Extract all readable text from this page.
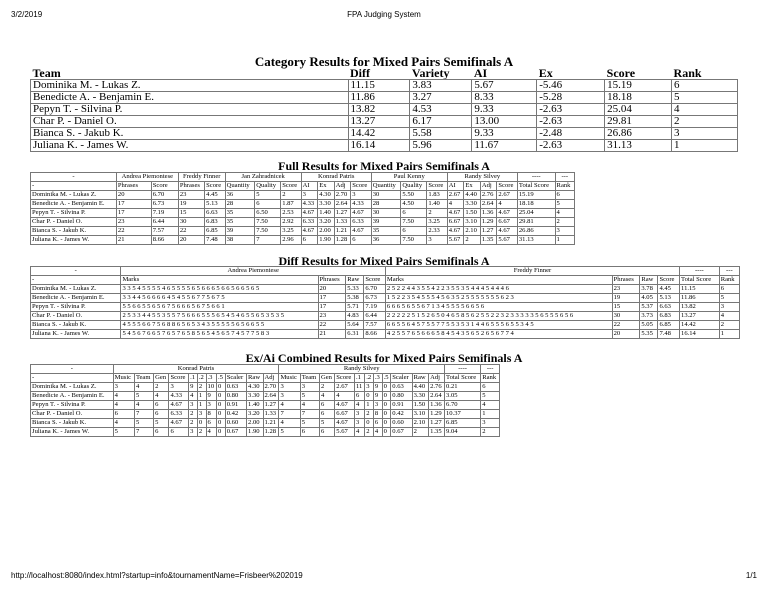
3/2/2019	FPA Judging System
Category Results for Mixed Pairs Semifinals A
Team	Diff	Variety	AI	Ex	Score	Rank
Dominika M. - Lukas Z.	11.15	3.83	5.67	-5.46	15.19	6
Benedicte A. - Benjamin E.	11.86	3.27	8.33	-5.28	18.18	5
Pepyn T. - Silvina P.	13.82	4.53	9.33	-2.63	25.04	4
Char P. - Daniel O.	13.27	6.17	13.00	-2.63	29.81	2
Bianca S. - Jakub K.	14.42	5.58	9.33	-2.48	26.86	3
Juliana K. - James W.	16.14	5.96	11.67	-2.63	31.13	1
Full Results for Mixed Pairs Semifinals A
-	Andrea Piemontese		Freddy Finner		Jan Zahradnicek			Konrad Patris				Paul Kenny			Randy Silvey				----	---
-	Phrases	Score	Phrases	Score	Quantity	Quality	Score	AI	Ex	Adj	Score	Quantity	Quality	Score	AI	Ex	Adj	Score	Total Score	Rank
Dominika M. - Lukas Z.	20	6.70	23	4.45	36	5	2	3	4.30	2.70	3	30	5.50	1.83	2.67	4.40	2.76	2.67	15.19	6
Benedicte A. - Benjamin E.	17	6.73	19	5.13	28	6	1.87	4.33	3.30	2.64	4.33	28	4.50	1.40	4	3.30	2.64	4	18.18	5
Pepyn T. - Silvina P.	17	7.19	15	6.63	35	6.50	2.53	4.67	1.40	1.27	4.67	30	6	2	4.67	1.50	1.36	4.67	25.04	4
Char P. - Daniel O.	23	6.44	30	6.83	35	7.50	2.92	6.33	3.20	1.33	6.33	39	7.50	3.25	6.67	3.10	1.29	6.67	29.81	2
Bianca S. - Jakub K.	22	7.57	22	6.85	39	7.50	3.25	4.67	2.00	1.21	4.67	35	6	2.33	4.67	2.10	1.27	4.67	26.86	3
Juliana K. - James W.	21	8.66	20	7.48	38	7	2.96	6	1.90	1.28	6	36	7.50	3	5.67	2	1.35	5.67	31.13	1
Diff Results for Mixed Pairs Semifinals A
-	Andrea Piemontese				Freddy Finner				----	---
-	Marks	Phrases	Raw	Score	Marks	Phrases	Raw	Score	Total Score	Rank
Dominika M. - Lukas Z.	3 3 5 4 5 5 5 5 4 6 5 5 5 5 6 5 6 6 6 5 6 6 5 6 6 5 6 5	20	5.33	6.70	2 5 2 2 4 4 3 5 5 4 2 2 3 5 5 3 5 4 4 4 5 4 4 4 6	23	3.78	4.45	11.15	6
Benedicte A. - Benjamin E.	3 3 4 4 5 6 6 6 6 4 5 4 5 5 6 7 7 5 6 7 5	17	5.38	6.73	1 5 2 2 3 5 4 5 5 5 4 5 6 3 5 2 5 5 5 5 5 5 5 6 2 3	19	4.05	5.13	11.86	5
Pepyn T. - Silvina P.	5 5 6 6 5 5 6 5 6 7 5 6 6 6 5 6 7 5 6 6 1	17	5.71	7.19	6 6 6 5 6 5 5 6 7 1 3 4 5 5 5 5 6 6 5 6	15	5.37	6.63	13.82	3
Char P. - Daniel O.	2 5 3 3 4 4 5 5 3 5 5 7 5 6 6 6 5 5 5 6 5 4 5 4 6 5 5 6 5 3 5 3 5	23	4.83	6.44	2 2 2 2 2 5 1 5 2 6 5 0 4 6 5 8 5 6 2 5 5 2 2 3 2 3 3 3 3 3 5 6 5 5 5 6 5 6	30	3.73	6.83	13.27	4
Bianca S. - Jakub K.	4 5 5 5 6 6 7 5 6 8 8 6 5 6 5 3 4 3 5 5 5 5 5 6 5 6 6 5 5	22	5.64	7.57	6 6 5 5 6 4 5 7 5 5 7 7 5 5 3 5 3 1 4 4 6 5 5 5 6 5 5 3 4 5	22	5.05	6.85	14.42	2
Juliana K. - James W.	5 4 5 6 7 6 6 5 7 6 5 7 6 5 8 5 6 5 4 5 6 5 7 4 5 7 7 5 8 3	21	6.31	8.66	4 2 5 5 7 6 5 6 6 6 5 8 4 5 4 3 5 6 5 2 6 5 6 7 7 4	20	5.35	7.48	16.14	1
Ex/Ai Combined Results for Mixed Pairs Semifinals A
-	Konrad Patris											Randy Silvey											----	---
-	Music	Team	Gen	Score	.1	.2	.3	.5	Scaler	Raw	Adj	Music	Team	Gen	Score	.1	.2	.3	.5	Scaler	Raw	Adj	Total Score	Rank
Dominika M. - Lukas Z.	3	4	2	3	9	2	10	0	0.63	4.30	2.70	3	3	2	2.67	11	3	9	0	0.63	4.40	2.76	0.21	6
Benedicte A. - Benjamin E.	4	5	4	4.33	4	1	9	0	0.80	3.30	2.64	3	5	4	4	6	0	9	0	0.80	3.30	2.64	3.05	5
Pepyn T. - Silvina P.	4	4	6	4.67	3	1	3	0	0.91	1.40	1.27	4	4	6	4.67	4	1	3	0	0.91	1.50	1.36	6.70	4
Char P. - Daniel O.	6	7	6	6.33	2	3	8	0	0.42	3.20	1.33	7	7	6	6.67	3	2	8	0	0.42	3.10	1.29	10.37	1
Bianca S. - Jakub K.	4	5	5	4.67	2	0	6	0	0.60	2.00	1.21	4	5	5	4.67	3	0	6	0	0.60	2.10	1.27	6.85	3
Juliana K. - James W.	5	7	6	6	3	2	4	0	0.67	1.90	1.28	5	6	6	5.67	4	2	4	0	0.67	2	1.35	9.04	2
http://localhost:8080/index.html?startup=info&tournamentName=Frisbeer%202019	1/1
